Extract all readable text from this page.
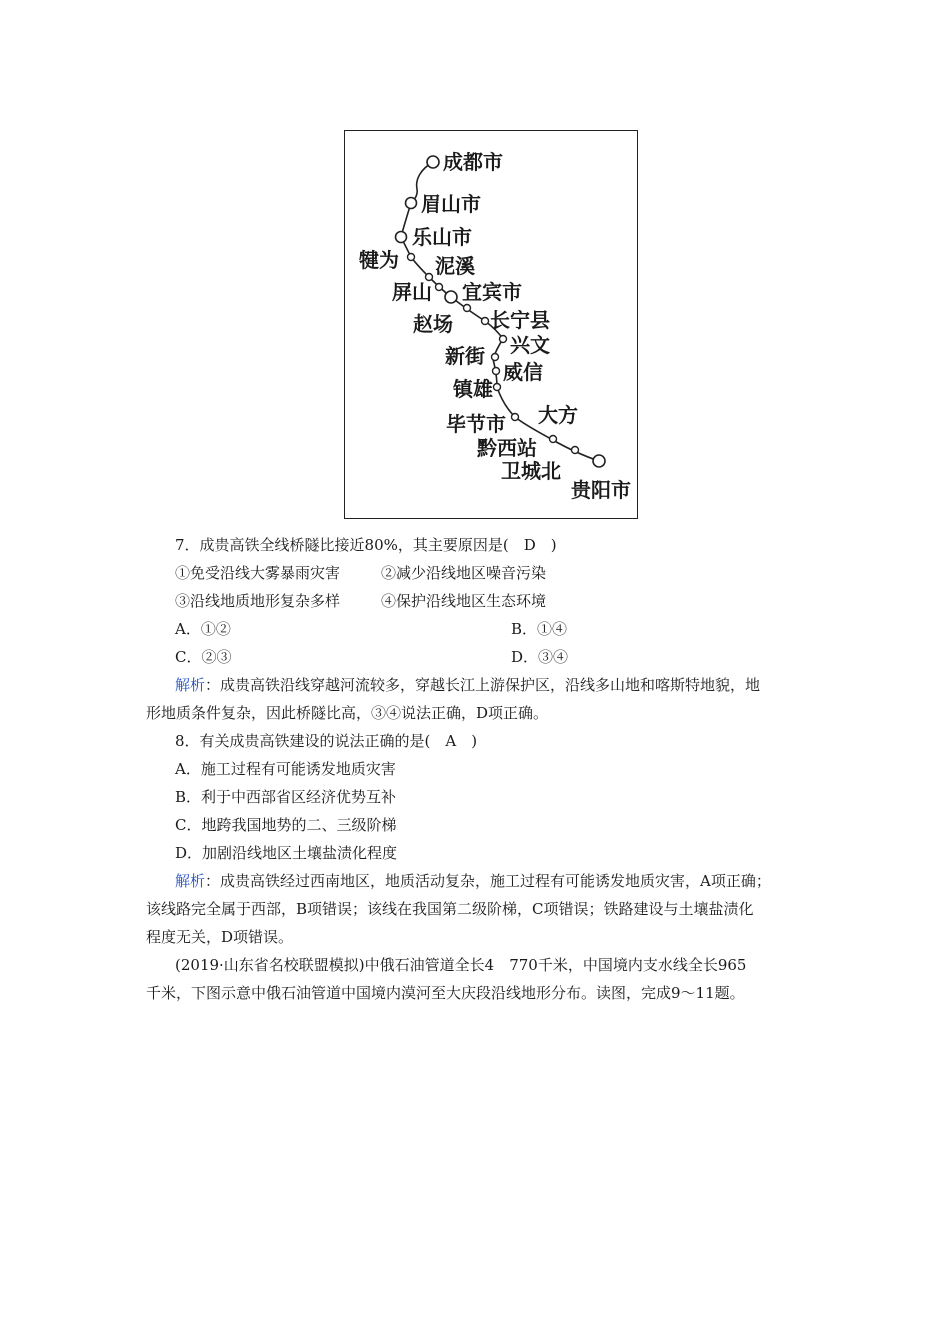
成都市
眉山市
乐山市
犍为 泥溪
屏山 宜宾市
赵场 长宁县
兴文
新街
威信
镇雄
大方
毕节市
黔西站
卫城北
贵阳市
7．成贵高铁全线桥隧比接近80%，其主要原因是(　D　)
①免受沿线大雾暴雨灾害	②减少沿线地区噪音污染
③沿线地质地形复杂多样	④保护沿线地区生态环境
A．①②	B．①④
C．②③	D．③④
解析：成贵高铁沿线穿越河流较多，穿越长江上游保护区，沿线多山地和喀斯特地貌，地
形地质条件复杂，因此桥隧比高，③④说法正确，D项正确。
8．有关成贵高铁建设的说法正确的是(　A　)
A．施工过程有可能诱发地质灾害
B．利于中西部省区经济优势互补
C．地跨我国地势的二、三级阶梯
D．加剧沿线地区土壤盐渍化程度
解析：成贵高铁经过西南地区，地质活动复杂，施工过程有可能诱发地质灾害，A项正确；
该线路完全属于西部，B项错误；该线在我国第二级阶梯，C项错误；铁路建设与土壤盐渍化
程度无关，D项错误。
(2019·山东省名校联盟模拟)中俄石油管道全长4　770千米，中国境内支水线全长965
千米，下图示意中俄石油管道中国境内漠河至大庆段沿线地形分布。读图，完成9～11题。
